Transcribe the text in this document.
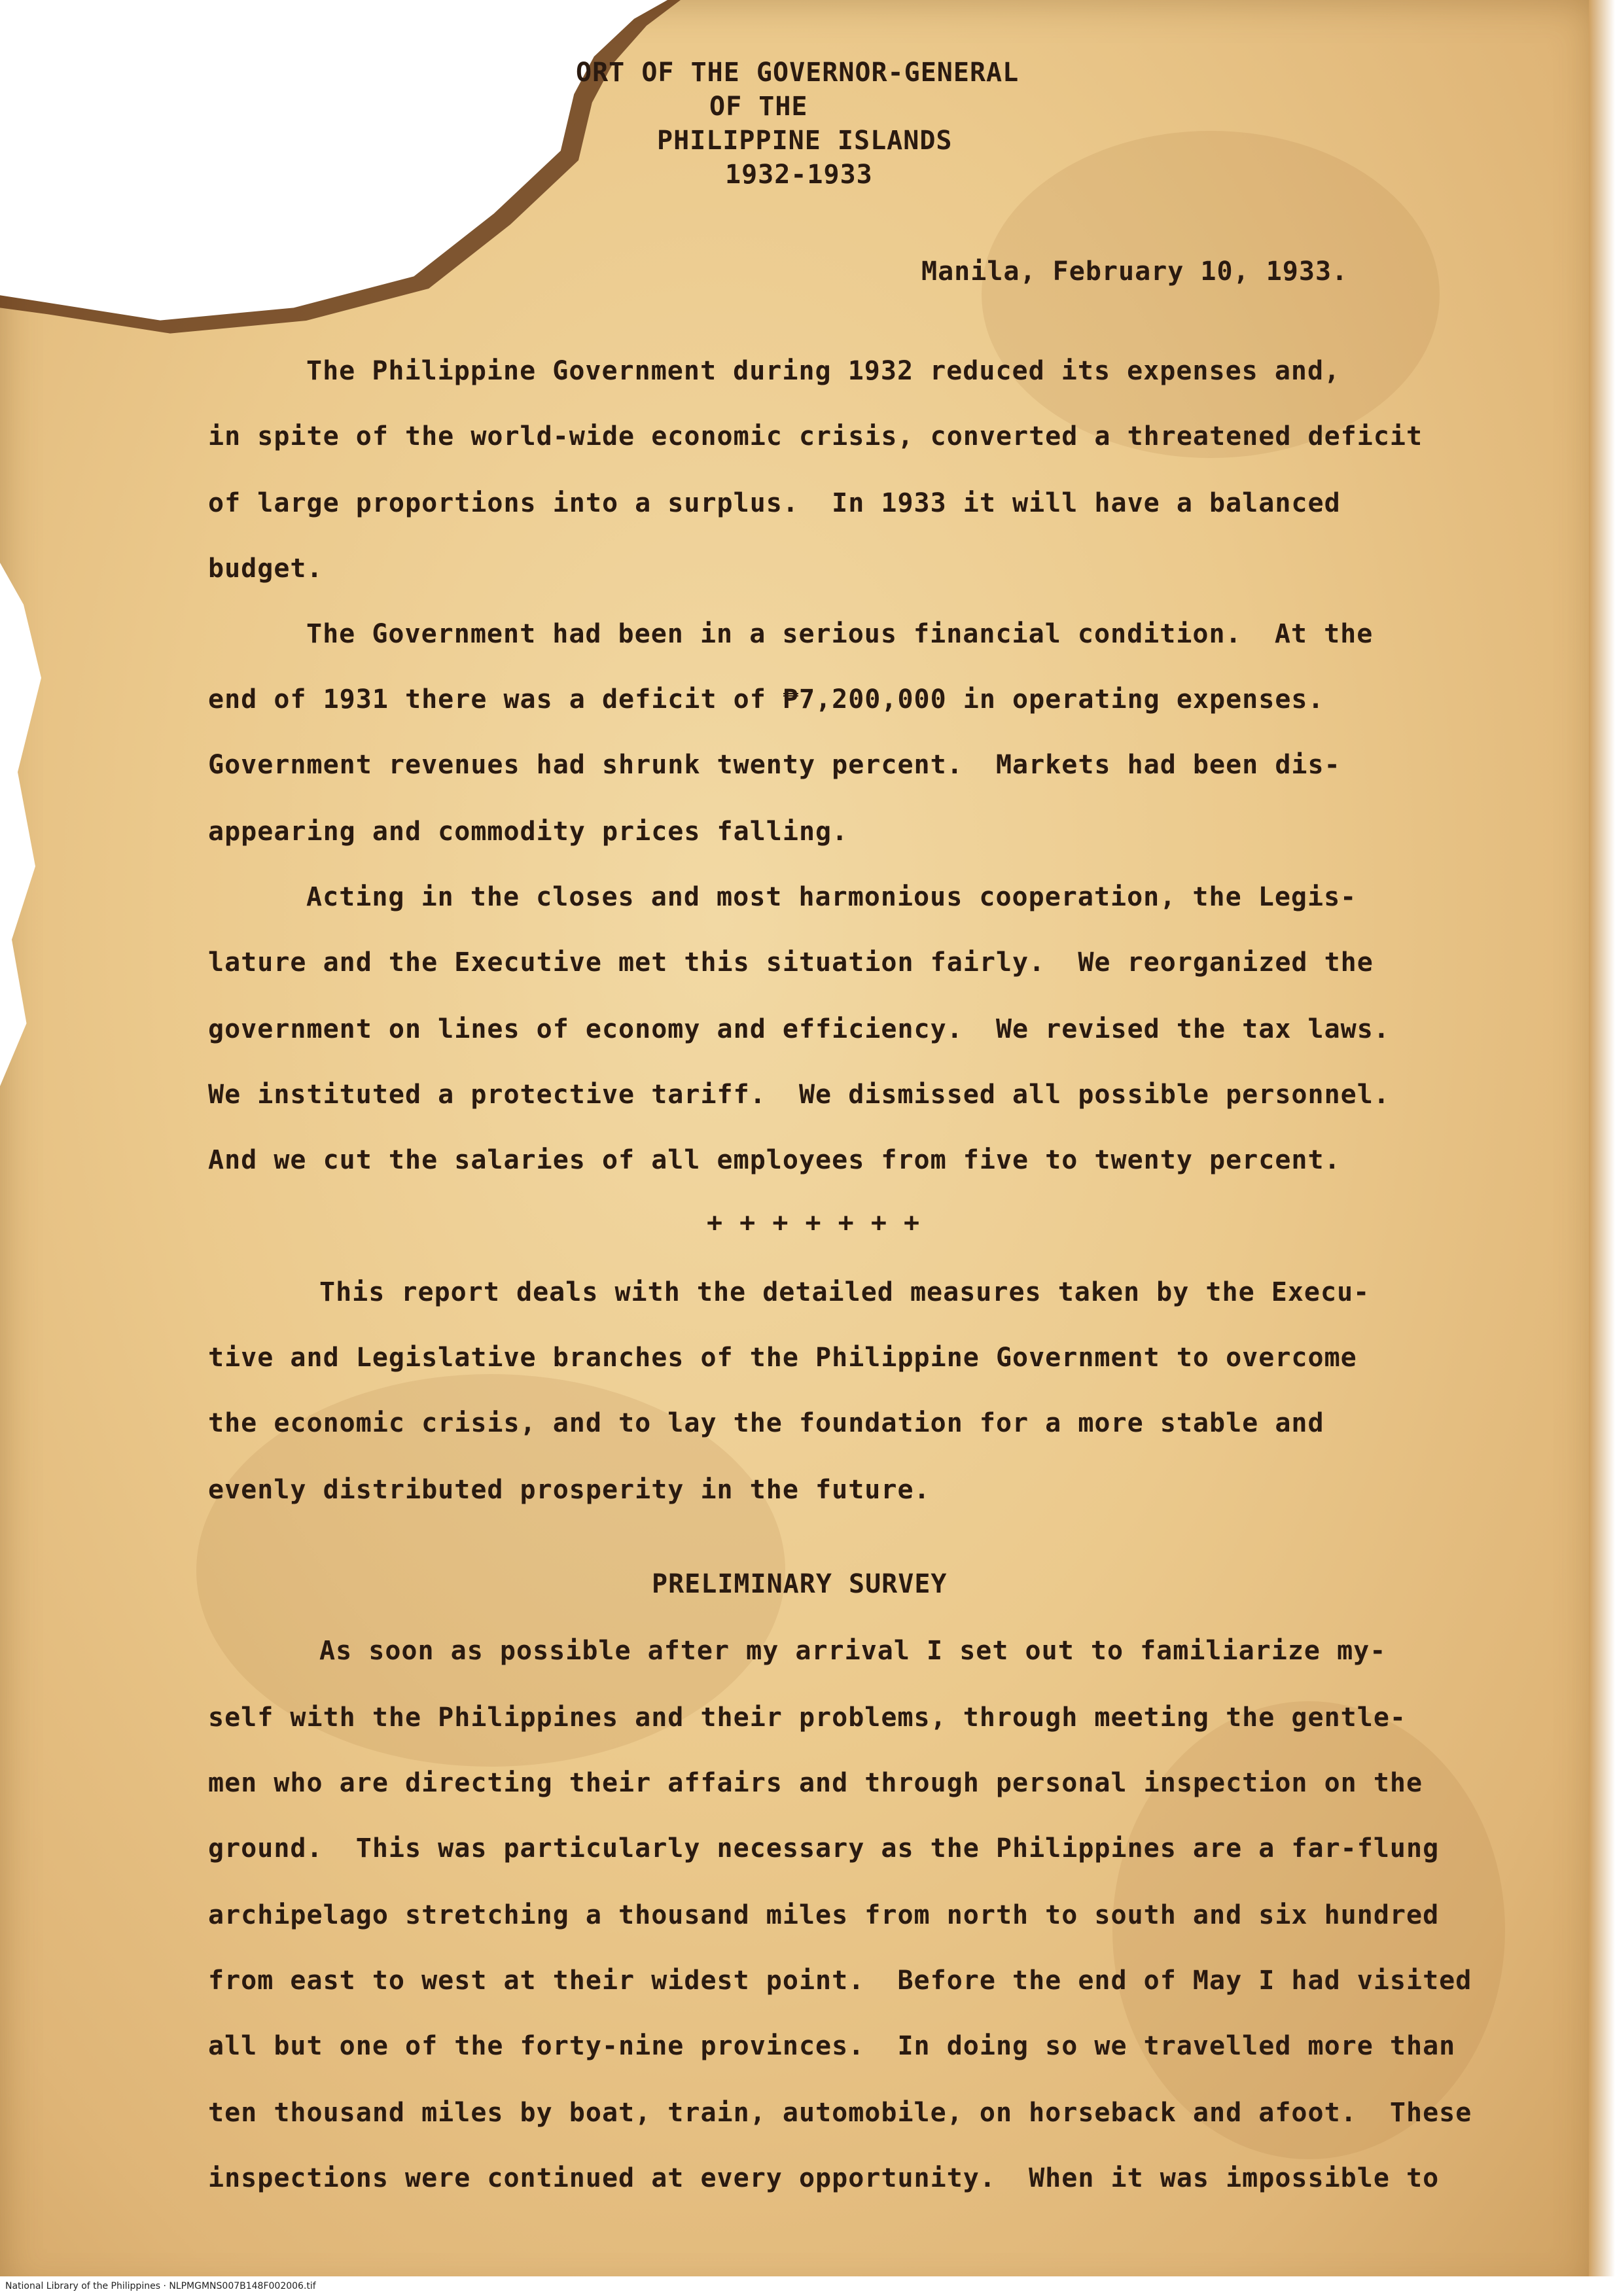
ORT OF THE GOVERNOR-GENERAL
OF THE
PHILIPPINE ISLANDS
1932-1933
Manila, February 10, 1933.
The Philippine Government during 1932 reduced its expenses and,
in spite of the world-wide economic crisis, converted a threatened deficit
of large proportions into a surplus.  In 1933 it will have a balanced
budget.
The Government had been in a serious financial condition.  At the
end of 1931 there was a deficit of ₱7,200,000 in operating expenses.
Government revenues had shrunk twenty percent.  Markets had been dis-
appearing and commodity prices falling.
Acting in the closes and most harmonious cooperation, the Legis-
lature and the Executive met this situation fairly.  We reorganized the
government on lines of economy and efficiency.  We revised the tax laws.
We instituted a protective tariff.  We dismissed all possible personnel.
And we cut the salaries of all employees from five to twenty percent.
+ + + + + + +
This report deals with the detailed measures taken by the Execu-
tive and Legislative branches of the Philippine Government to overcome
the economic crisis, and to lay the foundation for a more stable and
evenly distributed prosperity in the future.
PRELIMINARY SURVEY
As soon as possible after my arrival I set out to familiarize my-
self with the Philippines and their problems, through meeting the gentle-
men who are directing their affairs and through personal inspection on the
ground.  This was particularly necessary as the Philippines are a far-flung
archipelago stretching a thousand miles from north to south and six hundred
from east to west at their widest point.  Before the end of May I had visited
all but one of the forty-nine provinces.  In doing so we travelled more than
ten thousand miles by boat, train, automobile, on horseback and afoot.  These
inspections were continued at every opportunity.  When it was impossible to
National Library of the Philippines · NLPMGMNS007B148F002006.tif
